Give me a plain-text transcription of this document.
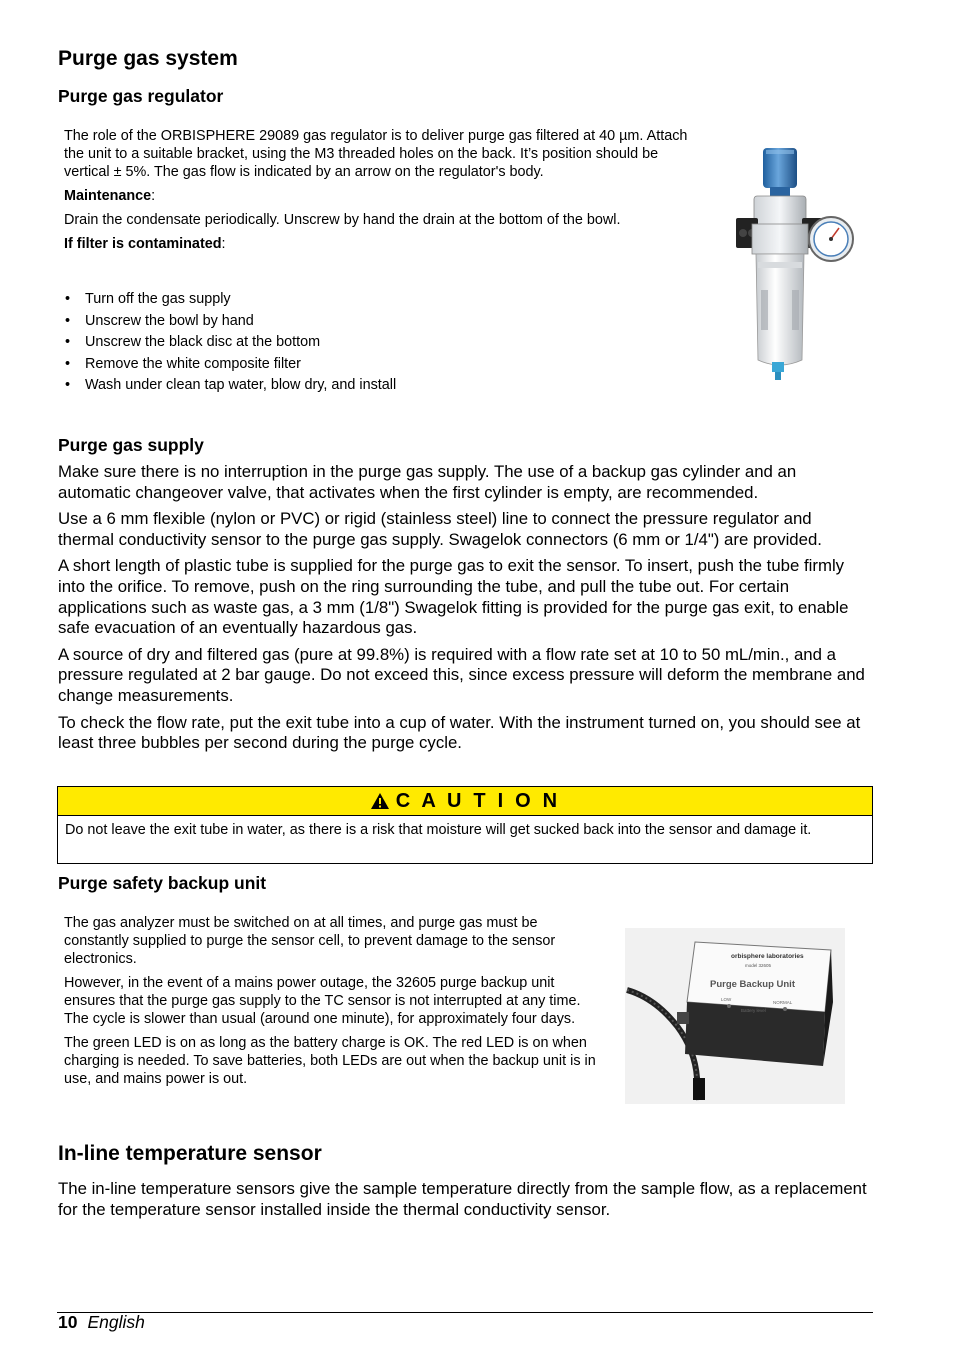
Purge gas system
Purge gas regulator

The role of the ORBISPHERE 29089 gas regulator is to deliver purge gas filtered at 40 µm. Attach the unit to a suitable bracket, using the M3 threaded holes on the back. It’s position should be vertical ± 5%. The gas flow is indicated by an arrow on the regulator's body.

Maintenance:

Drain the condensate periodically. Unscrew by hand the drain at the bottom of the bowl.

If filter is contaminated:

• Turn off the gas supply
• Unscrew the bowl by hand
• Unscrew the black disc at the bottom
• Remove the white composite filter
• Wash under clean tap water, blow dry, and install
Purge gas supply

Make sure there is no interruption in the purge gas supply. The use of a backup gas cylinder and an automatic changeover valve, that activates when the first cylinder is empty, are recommended.

Use a 6 mm flexible (nylon or PVC) or rigid (stainless steel) line to connect the pressure regulator and thermal conductivity sensor to the purge gas supply. Swagelok connectors (6 mm or 1/4") are provided.

A short length of plastic tube is supplied for the purge gas to exit the sensor. To insert, push the tube firmly into the orifice. To remove, push on the ring surrounding the tube, and pull the tube out. For certain applications such as waste gas, a 3 mm (1/8") Swagelok fitting is provided for the purge gas exit, to enable safe evacuation of an eventually hazardous gas.

A source of dry and filtered gas (pure at 99.8%) is required with a flow rate set at 10 to 50 mL/min., and a pressure regulated at 2 bar gauge. Do not exceed this, since excess pressure will deform the membrane and change measurements.

To check the flow rate, put the exit tube into a cup of water. With the instrument turned on, you should see at least three bubbles per second during the purge cycle.

C A U T I O N
Do not leave the exit tube in water, as there is a risk that moisture will get sucked back into the sensor and damage it.
Purge safety backup unit

The gas analyzer must be switched on at all times, and purge gas must be constantly supplied to purge the sensor cell, to prevent damage to the sensor electronics.

However, in the event of a mains power outage, the 32605 purge backup unit ensures that the purge gas supply to the TC sensor is not interrupted at any time. The cycle is slower than usual (around one minute), for approximately four days.

The green LED is on as long as the battery charge is OK. The red LED is on when charging is needed. To save batteries, both LEDs are out when the backup unit is in use, and mains power is out.

orbisphere laboratories
model 32605
Purge Backup Unit
LOW
NORMAL
Battery level
In-line temperature sensor
The in-line temperature sensors give the sample temperature directly from the sample flow, as a replacement for the temperature sensor installed inside the thermal conductivity sensor.
10 English
